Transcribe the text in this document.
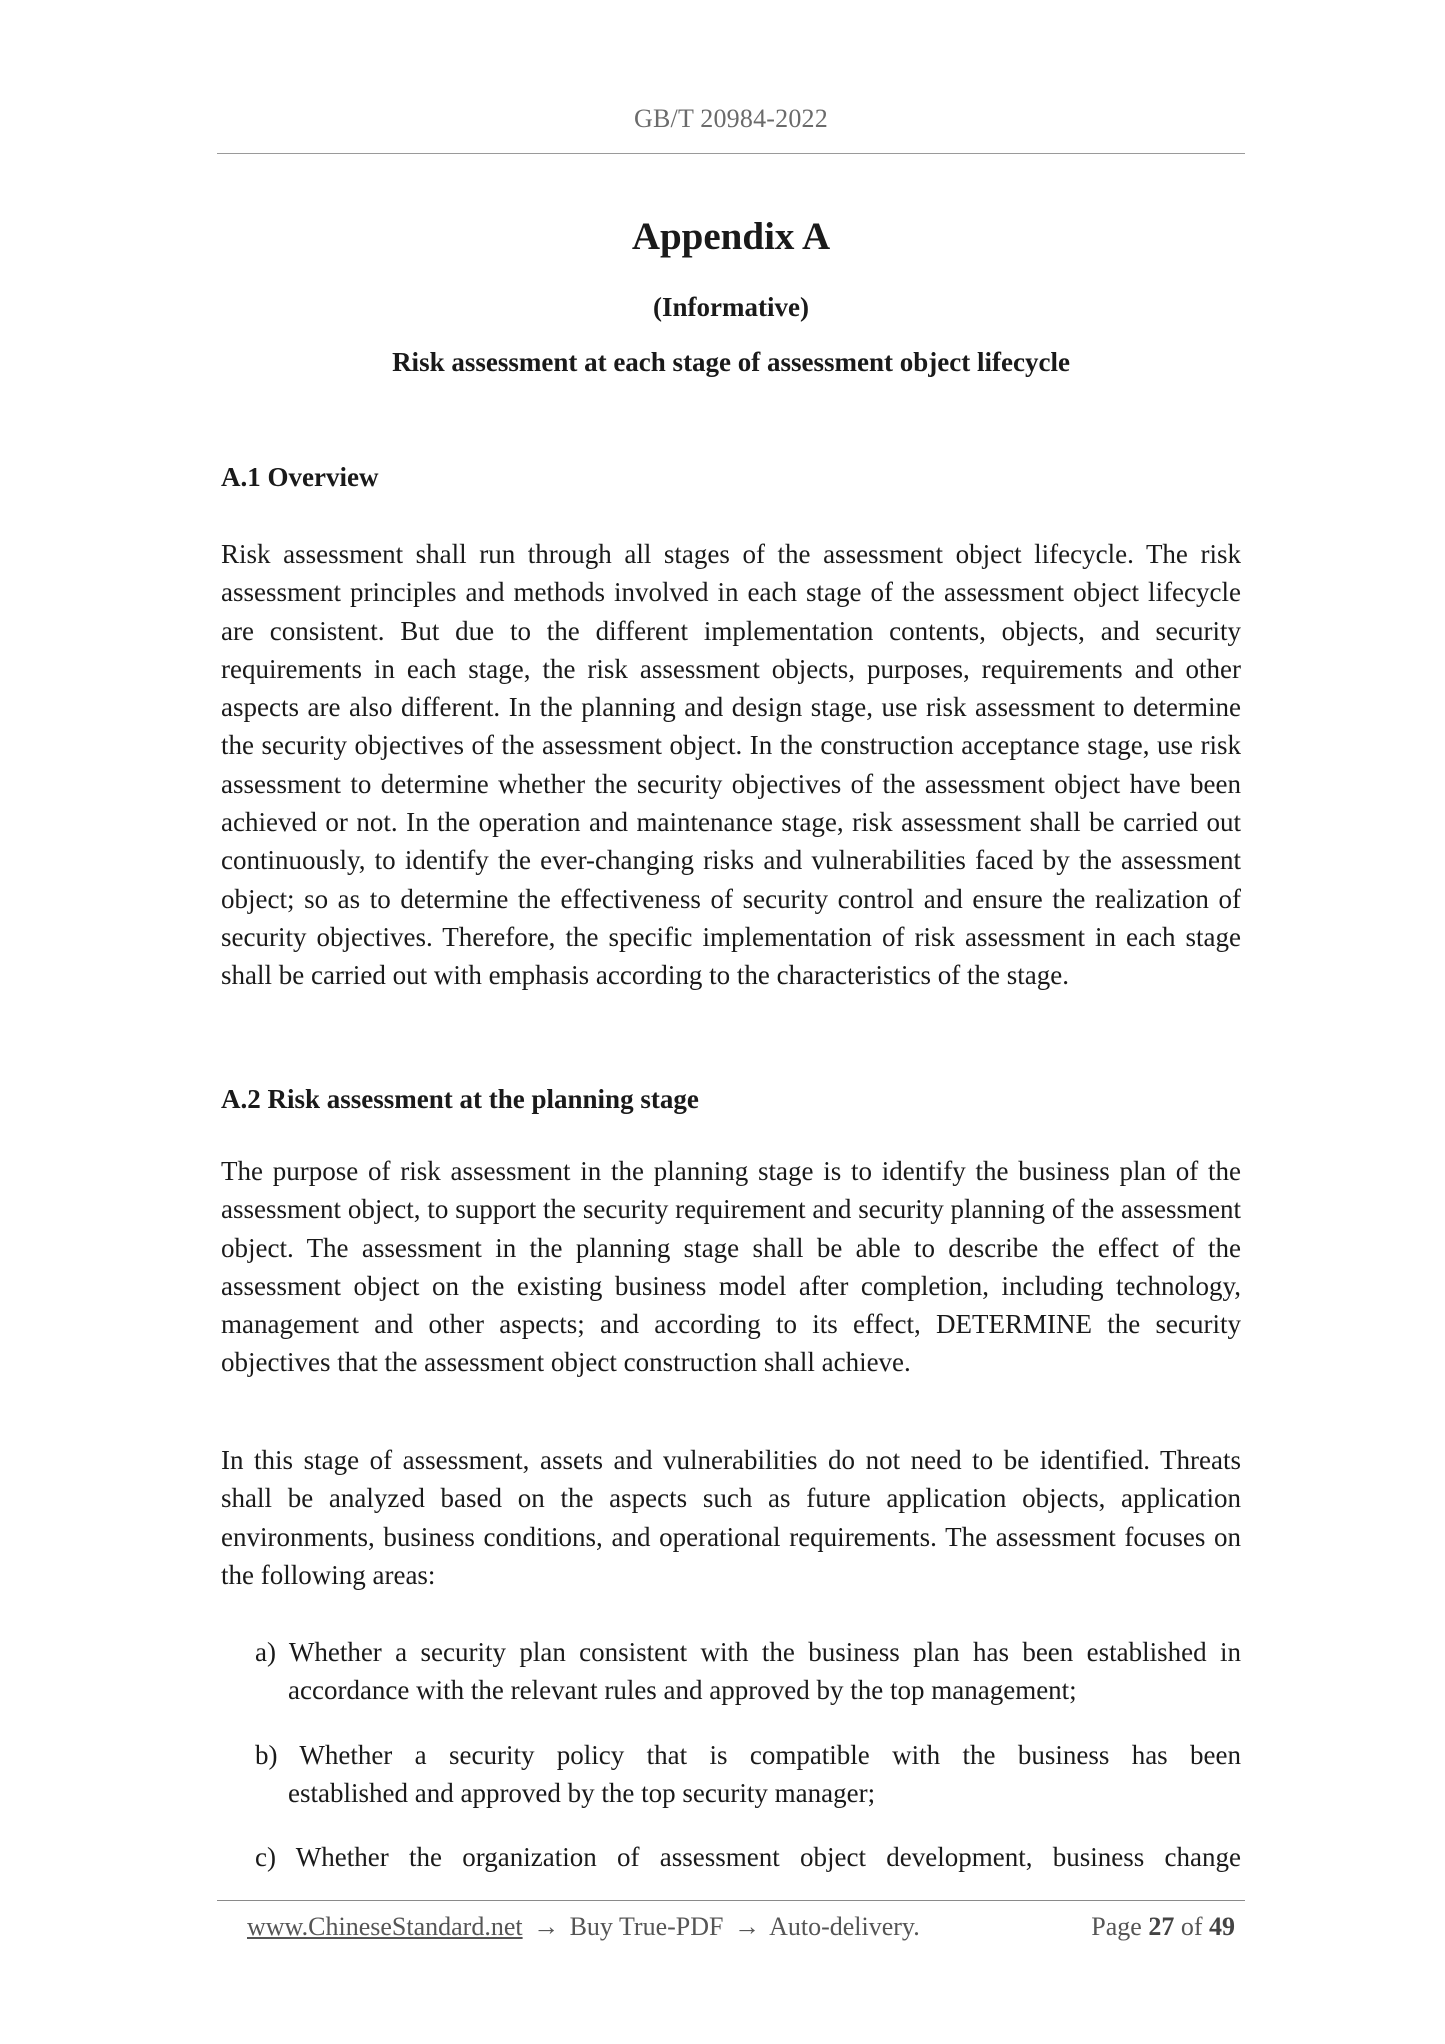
GB/T 20984-2022
Appendix A
(Informative)
Risk assessment at each stage of assessment object lifecycle
A.1 Overview

Risk assessment shall run through all stages of the assessment object lifecycle. The risk assessment principles and methods involved in each stage of the assessment object lifecycle are consistent. But due to the different implementation contents, objects, and security requirements in each stage, the risk assessment objects, purposes, requirements and other aspects are also different. In the planning and design stage, use risk assessment to determine the security objectives of the assessment object. In the construction acceptance stage, use risk assessment to determine whether the security objectives of the assessment object have been achieved or not. In the operation and maintenance stage, risk assessment shall be carried out continuously, to identify the ever-changing risks and vulnerabilities faced by the assessment object; so as to determine the effectiveness of security control and ensure the realization of security objectives. Therefore, the specific implementation of risk assessment in each stage shall be carried out with emphasis according to the characteristics of the stage.

A.2 Risk assessment at the planning stage

The purpose of risk assessment in the planning stage is to identify the business plan of the assessment object, to support the security requirement and security planning of the assessment object. The assessment in the planning stage shall be able to describe the effect of the assessment object on the existing business model after completion, including technology, management and other aspects; and according to its effect, DETERMINE the security objectives that the assessment object construction shall achieve.

In this stage of assessment, assets and vulnerabilities do not need to be identified. Threats shall be analyzed based on the aspects such as future application objects, application environments, business conditions, and operational requirements. The assessment focuses on the following areas:

a) Whether a security plan consistent with the business plan has been established in
accordance with the relevant rules and approved by the top management;
b) Whether a security policy that is compatible with the business has been
established and approved by the top security manager;
c) Whether the organization of assessment object development, business change
www.ChineseStandard.net → Buy True-PDF → Auto-delivery.	Page 27 of 49
